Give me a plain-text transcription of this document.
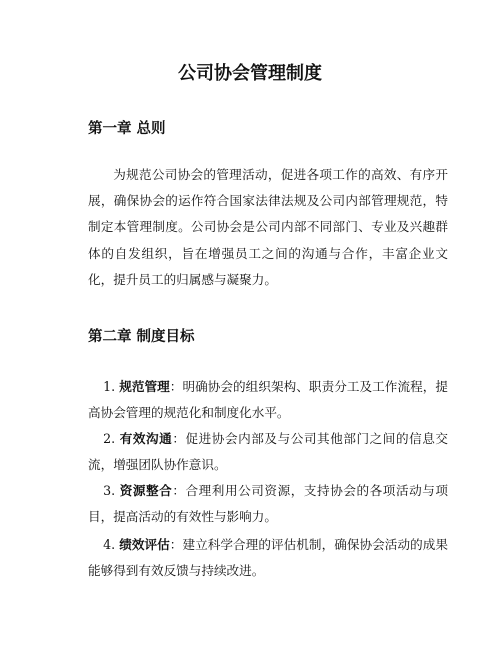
公司协会管理制度
第一章 总则

为规范公司协会的管理活动，促进各项工作的高效、有序开展，确保协会的运作符合国家法律法规及公司内部管理规范，特制定本管理制度。公司协会是公司内部不同部门、专业及兴趣群体的自发组织，旨在增强员工之间的沟通与合作，丰富企业文化，提升员工的归属感与凝聚力。

第二章 制度目标

1. 规范管理：明确协会的组织架构、职责分工及工作流程，提高协会管理的规范化和制度化水平。

2. 有效沟通：促进协会内部及与公司其他部门之间的信息交流，增强团队协作意识。

3. 资源整合：合理利用公司资源，支持协会的各项活动与项目，提高活动的有效性与影响力。

4. 绩效评估：建立科学合理的评估机制，确保协会活动的成果能够得到有效反馈与持续改进。
